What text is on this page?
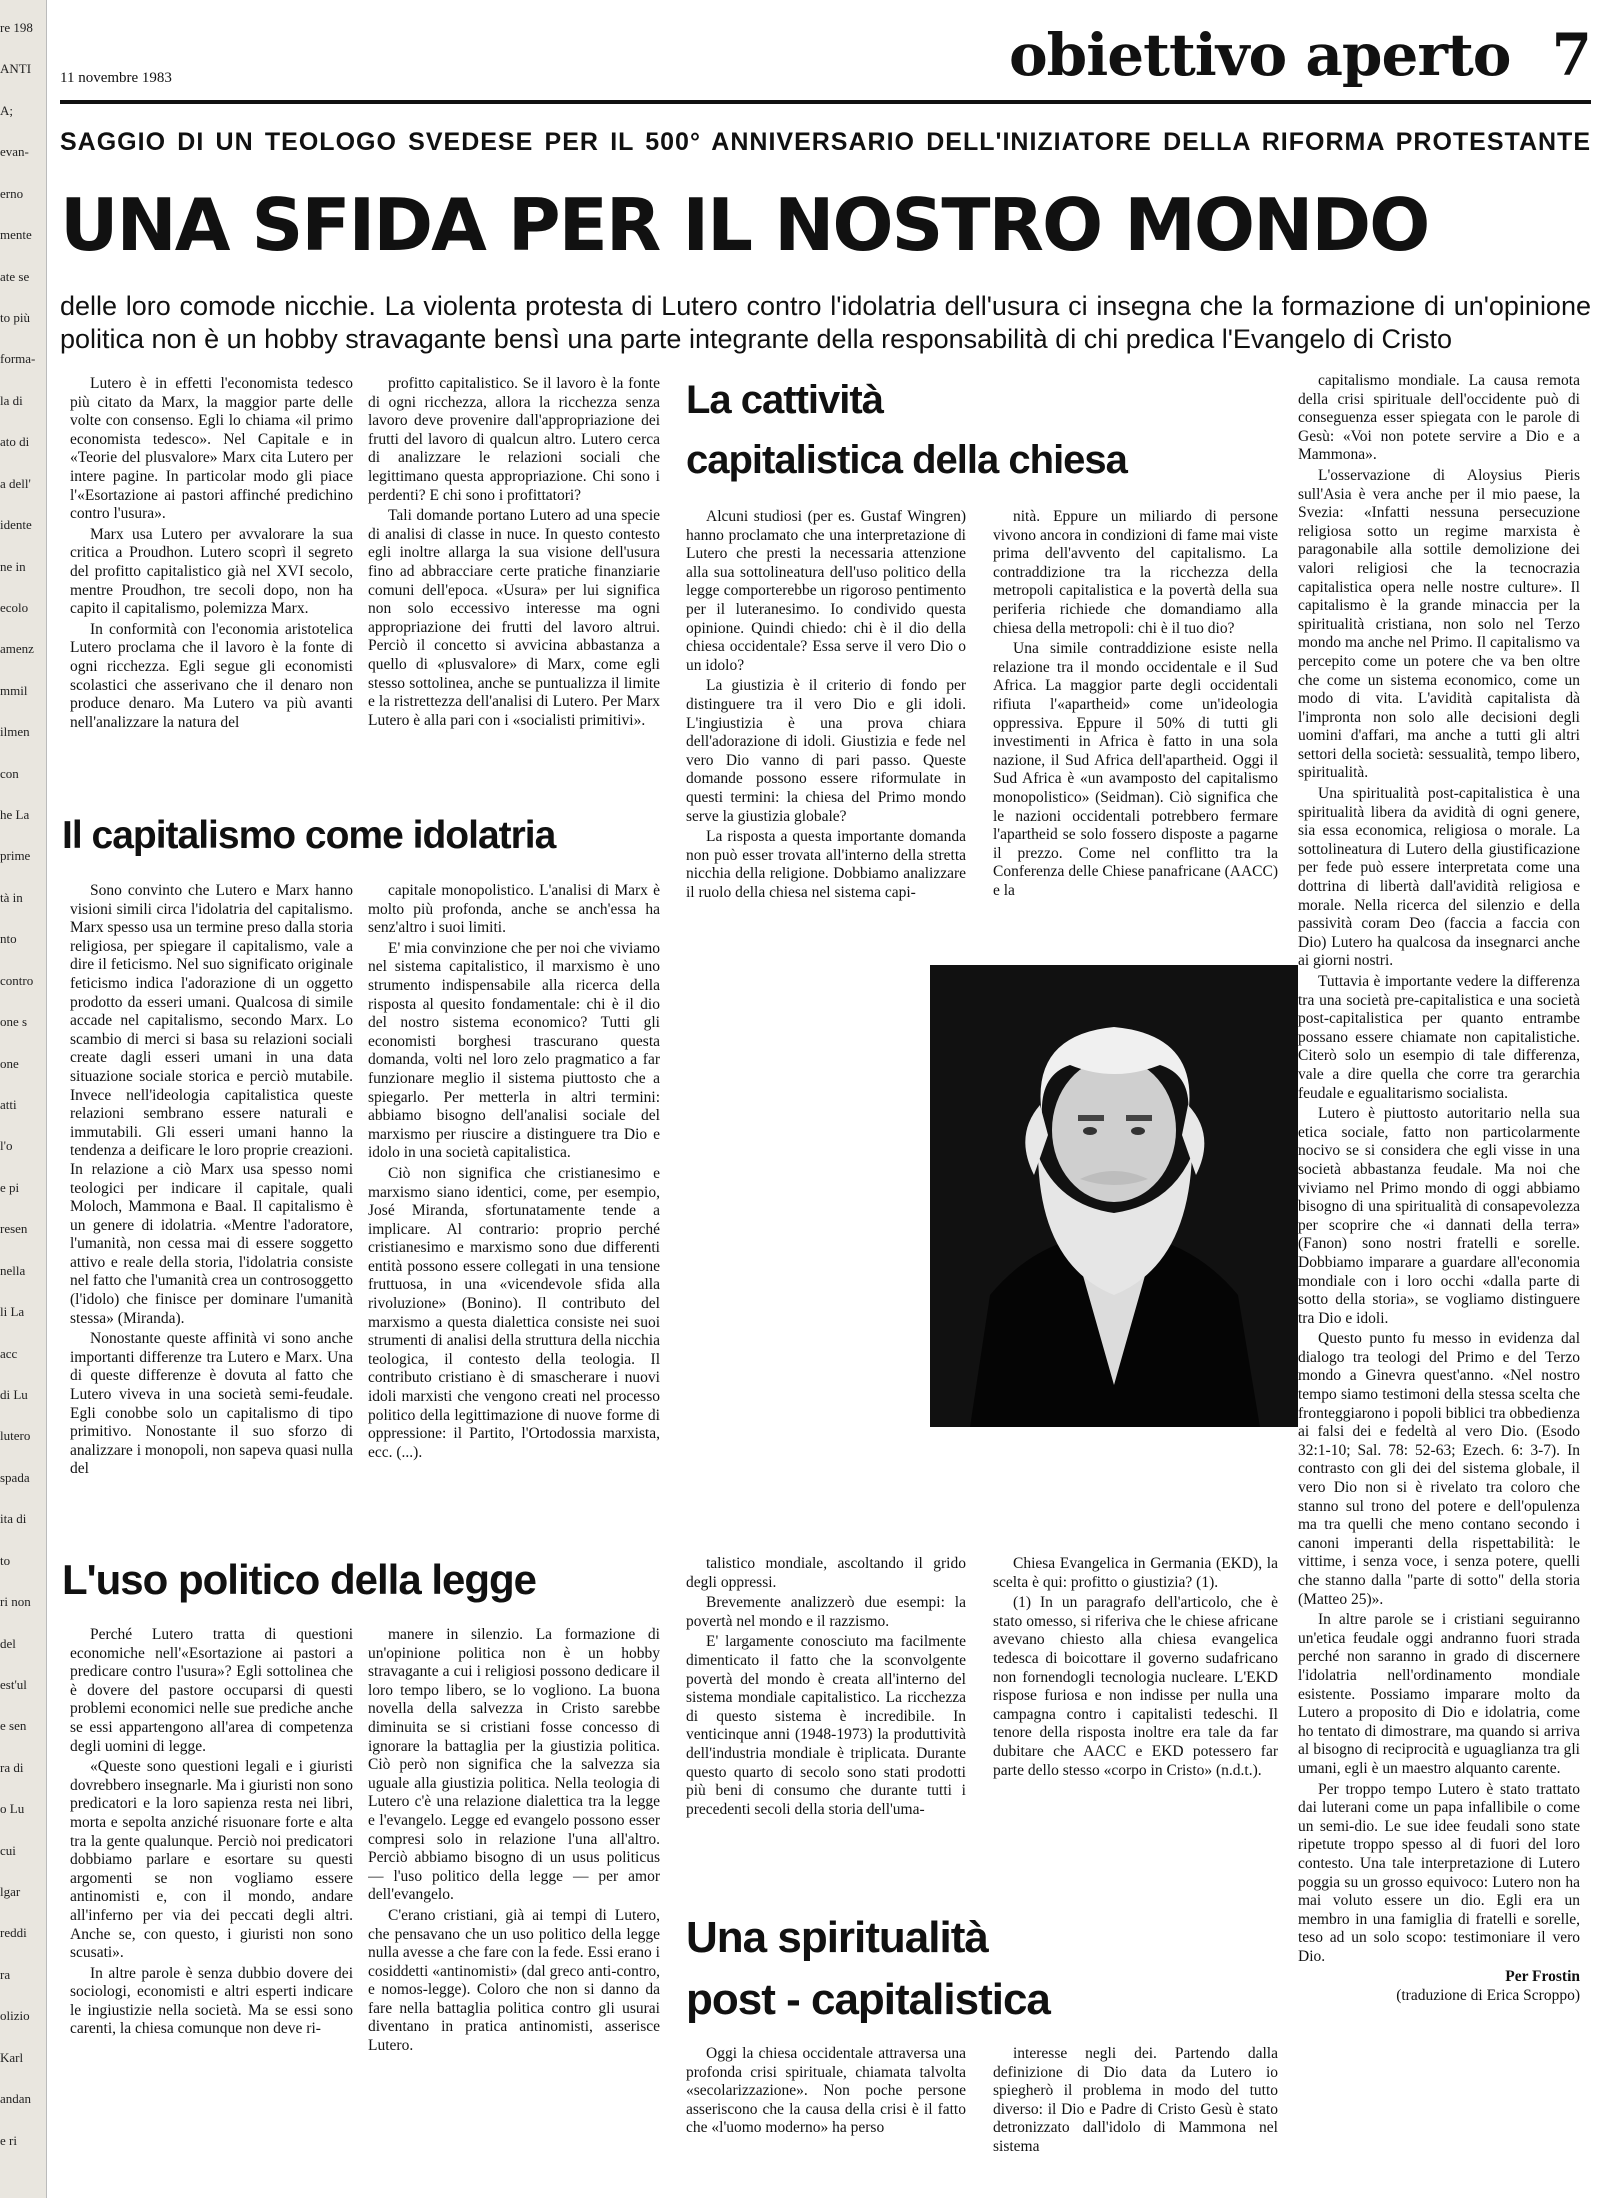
re 198
ANTI
A;
evan-
erno
mente
ate se
to più
forma-
la di
ato di
a dell'
idente
ne in
ecolo
amenz
mmil
ilmen
con
he La
prime
tà in
nto
contro
one s
one
atti
l'o
e pi
resen
nella
li La
acc
di Lu
lutero
spada
ita di
to
ri non
del
est'ul
e sen
ra di
o Lu
cui
lgar
reddi
ra
olizio
Karl
andan
e ri
11 novembre 1983	obiettivo aperto 7
SAGGIO DI UN TEOLOGO SVEDESE PER IL 500° ANNIVERSARIO DELL'INIZIATORE DELLA RIFORMA PROTESTANTE
UNA SFIDA PER IL NOSTRO MONDO
delle loro comode nicchie. La violenta protesta di Lutero contro l'idolatria dell'usura ci insegna che la formazione di un'opinione politica non è un hobby stravagante bensì una parte integrante della responsabilità di chi predica l'Evangelo di Cristo

Lutero è in effetti l'economista tedesco più citato da Marx, la maggior parte delle volte con consenso. Egli lo chiama «il primo economista tedesco». Nel Capitale e in «Teorie del plusvalore» Marx cita Lutero per intere pagine. In particolar modo gli piace l'«Esortazione ai pastori affinché predichino contro l'usura».

Marx usa Lutero per avvalorare la sua critica a Proudhon. Lutero scoprì il segreto del profitto capitalistico già nel XVI secolo, mentre Proudhon, tre secoli dopo, non ha capito il capitalismo, polemizza Marx.

In conformità con l'economia aristotelica Lutero proclama che il lavoro è la fonte di ogni ricchezza. Egli segue gli economisti scolastici che asserivano che il denaro non produce denaro. Ma Lutero va più avanti nell'analizzare la natura del

profitto capitalistico. Se il lavoro è la fonte di ogni ricchezza, allora la ricchezza senza lavoro deve provenire dall'appropriazione dei frutti del lavoro di qualcun altro. Lutero cerca di analizzare le relazioni sociali che legittimano questa appropriazione. Chi sono i perdenti? E chi sono i profittatori?

Tali domande portano Lutero ad una specie di analisi di classe in nuce. In questo contesto egli inoltre allarga la sua visione dell'usura fino ad abbracciare certe pratiche finanziarie comuni dell'epoca. «Usura» per lui significa non solo eccessivo interesse ma ogni appropriazione dei frutti del lavoro altrui. Perciò il concetto si avvicina abbastanza a quello di «plusvalore» di Marx, come egli stesso sottolinea, anche se puntualizza il limite e la ristrettezza dell'analisi di Lutero. Per Marx Lutero è alla pari con i «socialisti primitivi».

Il capitalismo come idolatria

Sono convinto che Lutero e Marx hanno visioni simili circa l'idolatria del capitalismo. Marx spesso usa un termine preso dalla storia religiosa, per spiegare il capitalismo, vale a dire il feticismo. Nel suo significato originale feticismo indica l'adorazione di un oggetto prodotto da esseri umani. Qualcosa di simile accade nel capitalismo, secondo Marx. Lo scambio di merci si basa su relazioni sociali create dagli esseri umani in una data situazione sociale storica e perciò mutabile. Invece nell'ideologia capitalistica queste relazioni sembrano essere naturali e immutabili. Gli esseri umani hanno la tendenza a deificare le loro proprie creazioni. In relazione a ciò Marx usa spesso nomi teologici per indicare il capitale, quali Moloch, Mammona e Baal. Il capitalismo è un genere di idolatria. «Mentre l'adoratore, l'umanità, non cessa mai di essere soggetto attivo e reale della storia, l'idolatria consiste nel fatto che l'umanità crea un controsoggetto (l'idolo) che finisce per dominare l'umanità stessa» (Miranda).

Nonostante queste affinità vi sono anche importanti differenze tra Lutero e Marx. Una di queste differenze è dovuta al fatto che Lutero viveva in una società semi-feudale. Egli conobbe solo un capitalismo di tipo primitivo. Nonostante il suo sforzo di analizzare i monopoli, non sapeva quasi nulla del

capitale monopolistico. L'analisi di Marx è molto più profonda, anche se anch'essa ha senz'altro i suoi limiti.

E' mia convinzione che per noi che viviamo nel sistema capitalistico, il marxismo è uno strumento indispensabile alla ricerca della risposta al quesito fondamentale: chi è il dio del nostro sistema economico? Tutti gli economisti borghesi trascurano questa domanda, volti nel loro zelo pragmatico a far funzionare meglio il sistema piuttosto che a spiegarlo. Per metterla in altri termini: abbiamo bisogno dell'analisi sociale del marxismo per riuscire a distinguere tra Dio e idolo in una società capitalistica.

Ciò non significa che cristianesimo e marxismo siano identici, come, per esempio, José Miranda, sfortunatamente tende a implicare. Al contrario: proprio perché cristianesimo e marxismo sono due differenti entità possono essere collegati in una tensione fruttuosa, in una «vicendevole sfida alla rivoluzione» (Bonino). Il contributo del marxismo a questa dialettica consiste nei suoi strumenti di analisi della struttura della nicchia teologica, il contesto della teologia. Il contributo cristiano è di smascherare i nuovi idoli marxisti che vengono creati nel processo politico della legittimazione di nuove forme di oppressione: il Partito, l'Ortodossia marxista, ecc. (...).

La cattività
capitalistica della chiesa

Alcuni studiosi (per es. Gustaf Wingren) hanno proclamato che una interpretazione di Lutero che presti la necessaria attenzione alla sua sottolineatura dell'uso politico della legge comporterebbe un rigoroso pentimento per il luteranesimo. Io condivido questa opinione. Quindi chiedo: chi è il dio della chiesa occidentale? Essa serve il vero Dio o un idolo?

La giustizia è il criterio di fondo per distinguere tra il vero Dio e gli idoli. L'ingiustizia è una prova chiara dell'adorazione di idoli. Giustizia e fede nel vero Dio vanno di pari passo. Queste domande possono essere riformulate in questi termini: la chiesa del Primo mondo serve la giustizia globale?

La risposta a questa importante domanda non può esser trovata all'interno della stretta nicchia della religione. Dobbiamo analizzare il ruolo della chiesa nel sistema capi-

nità. Eppure un miliardo di persone vivono ancora in condizioni di fame mai viste prima dell'avvento del capitalismo. La contraddizione tra la ricchezza della metropoli capitalistica e la povertà della sua periferia richiede che domandiamo alla chiesa della metropoli: chi è il tuo dio?

Una simile contraddizione esiste nella relazione tra il mondo occidentale e il Sud Africa. La maggior parte degli occidentali rifiuta l'«apartheid» come un'ideologia oppressiva. Eppure il 50% di tutti gli investimenti in Africa è fatto in una sola nazione, il Sud Africa dell'apartheid. Oggi il Sud Africa è «un avamposto del capitalismo monopolistico» (Seidman). Ciò significa che le nazioni occidentali potrebbero fermare l'apartheid se solo fossero disposte a pagarne il prezzo. Come nel conflitto tra la Conferenza delle Chiese panafricane (AACC) e la

capitalismo mondiale. La causa remota della crisi spirituale dell'occidente può di conseguenza esser spiegata con le parole di Gesù: «Voi non potete servire a Dio e a Mammona».

L'osservazione di Aloysius Pieris sull'Asia è vera anche per il mio paese, la Svezia: «Infatti nessuna persecuzione religiosa sotto un regime marxista è paragonabile alla sottile demolizione dei valori religiosi che la tecnocrazia capitalistica opera nelle nostre culture». Il capitalismo è la grande minaccia per la spiritualità cristiana, non solo nel Terzo mondo ma anche nel Primo. Il capitalismo va percepito come un potere che va ben oltre che come un sistema economico, come un modo di vita. L'avidità capitalista dà l'impronta non solo alle decisioni degli uomini d'affari, ma anche a tutti gli altri settori della società: sessualità, tempo libero, spiritualità.

Una spiritualità post-capitalistica è una spiritualità libera da avidità di ogni genere, sia essa economica, religiosa o morale. La sottolineatura di Lutero della giustificazione per fede può essere interpretata come una dottrina di libertà dall'avidità religiosa e morale. Nella ricerca del silenzio e della passività coram Deo (faccia a faccia con Dio) Lutero ha qualcosa da insegnarci anche ai giorni nostri.

Tuttavia è importante vedere la differenza tra una società pre-capitalistica e una società post-capitalistica per quanto entrambe possano essere chiamate non capitalistiche. Citerò solo un esempio di tale differenza, vale a dire quella che corre tra gerarchia feudale e egualitarismo socialista.

Lutero è piuttosto autoritario nella sua etica sociale, fatto non particolarmente nocivo se si considera che egli visse in una società abbastanza feudale. Ma noi che viviamo nel Primo mondo di oggi abbiamo bisogno di una spiritualità di consapevolezza per scoprire che «i dannati della terra» (Fanon) sono nostri fratelli e sorelle. Dobbiamo imparare a guardare all'economia mondiale con i loro occhi «dalla parte di sotto della storia», se vogliamo distinguere tra Dio e idoli.

Questo punto fu messo in evidenza dal dialogo tra teologi del Primo e del Terzo mondo a Ginevra quest'anno. «Nel nostro tempo siamo testimoni della stessa scelta che fronteggiarono i popoli biblici tra obbedienza ai falsi dei e fedeltà al vero Dio. (Esodo 32:1-10; Sal. 78: 52-63; Ezech. 6: 3-7). In contrasto con gli dei del sistema globale, il vero Dio non si è rivelato tra coloro che stanno sul trono del potere e dell'opulenza ma tra quelli che meno contano secondo i canoni imperanti della rispettabilità: le vittime, i senza voce, i senza potere, quelli che stanno dalla "parte di sotto" della storia (Matteo 25)».

In altre parole se i cristiani seguiranno un'etica feudale oggi andranno fuori strada perché non saranno in grado di discernere l'idolatria nell'ordinamento mondiale esistente. Possiamo imparare molto da Lutero a proposito di Dio e idolatria, come ho tentato di dimostrare, ma quando si arriva al bisogno di reciprocità e uguaglianza tra gli umani, egli è un maestro alquanto carente.

Per troppo tempo Lutero è stato trattato dai luterani come un papa infallibile o come un semi-dio. Le sue idee feudali sono state ripetute troppo spesso al di fuori del loro contesto. Una tale interpretazione di Lutero poggia su un grosso equivoco: Lutero non ha mai voluto essere un dio. Egli era un membro in una famiglia di fratelli e sorelle, teso ad un solo scopo: testimoniare il vero Dio.

Per Frostin
(traduzione di Erica Scroppo)
L'uso politico della legge

Perché Lutero tratta di questioni economiche nell'«Esortazione ai pastori a predicare contro l'usura»? Egli sottolinea che è dovere del pastore occuparsi di questi problemi economici nelle sue prediche anche se essi appartengono all'area di competenza degli uomini di legge.

«Queste sono questioni legali e i giuristi dovrebbero insegnarle. Ma i giuristi non sono predicatori e la loro sapienza resta nei libri, morta e sepolta anziché risuonare forte e alta tra la gente qualunque. Perciò noi predicatori dobbiamo parlare e esortare su questi argomenti se non vogliamo essere antinomisti e, con il mondo, andare all'inferno per via dei peccati degli altri. Anche se, con questo, i giuristi non sono scusati».

In altre parole è senza dubbio dovere dei sociologi, economisti e altri esperti indicare le ingiustizie nella società. Ma se essi sono carenti, la chiesa comunque non deve ri-

manere in silenzio. La formazione di un'opinione politica non è un hobby stravagante a cui i religiosi possono dedicare il loro tempo libero, se lo vogliono. La buona novella della salvezza in Cristo sarebbe diminuita se si cristiani fosse concesso di ignorare la battaglia per la giustizia politica. Ciò però non significa che la salvezza sia uguale alla giustizia politica. Nella teologia di Lutero c'è una relazione dialettica tra la legge e l'evangelo. Legge ed evangelo possono esser compresi solo in relazione l'una all'altro. Perciò abbiamo bisogno di un usus politicus — l'uso politico della legge — per amor dell'evangelo.

C'erano cristiani, già ai tempi di Lutero, che pensavano che un uso politico della legge nulla avesse a che fare con la fede. Essi erano i cosiddetti «antinomisti» (dal greco anti-contro, e nomos-legge). Coloro che non si danno da fare nella battaglia politica contro gli usurai diventano in pratica antinomisti, asserisce Lutero.

talistico mondiale, ascoltando il grido degli oppressi.

Brevemente analizzerò due esempi: la povertà nel mondo e il razzismo.

E' largamente conosciuto ma facilmente dimenticato il fatto che la sconvolgente povertà del mondo è creata all'interno del sistema mondiale capitalistico. La ricchezza di questo sistema è incredibile. In venticinque anni (1948-1973) la produttività dell'industria mondiale è triplicata. Durante questo quarto di secolo sono stati prodotti più beni di consumo che durante tutti i precedenti secoli della storia dell'uma-

Chiesa Evangelica in Germania (EKD), la scelta è qui: profitto o giustizia? (1).

(1) In un paragrafo dell'articolo, che è stato omesso, si riferiva che le chiese africane avevano chiesto alla chiesa evangelica tedesca di boicottare il governo sudafricano non fornendogli tecnologia nucleare. L'EKD rispose furiosa e non indisse per nulla una campagna contro i capitalisti tedeschi. Il tenore della risposta inoltre era tale da far dubitare che AACC e EKD potessero far parte dello stesso «corpo in Cristo» (n.d.t.).

Una spiritualità
post - capitalistica

Oggi la chiesa occidentale attraversa una profonda crisi spirituale, chiamata talvolta «secolarizzazione». Non poche persone asseriscono che la causa della crisi è il fatto che «l'uomo moderno» ha perso

interesse negli dei. Partendo dalla definizione di Dio data da Lutero io spiegherò il problema in modo del tutto diverso: il Dio e Padre di Cristo Gesù è stato detronizzato dall'idolo di Mammona nel sistema
